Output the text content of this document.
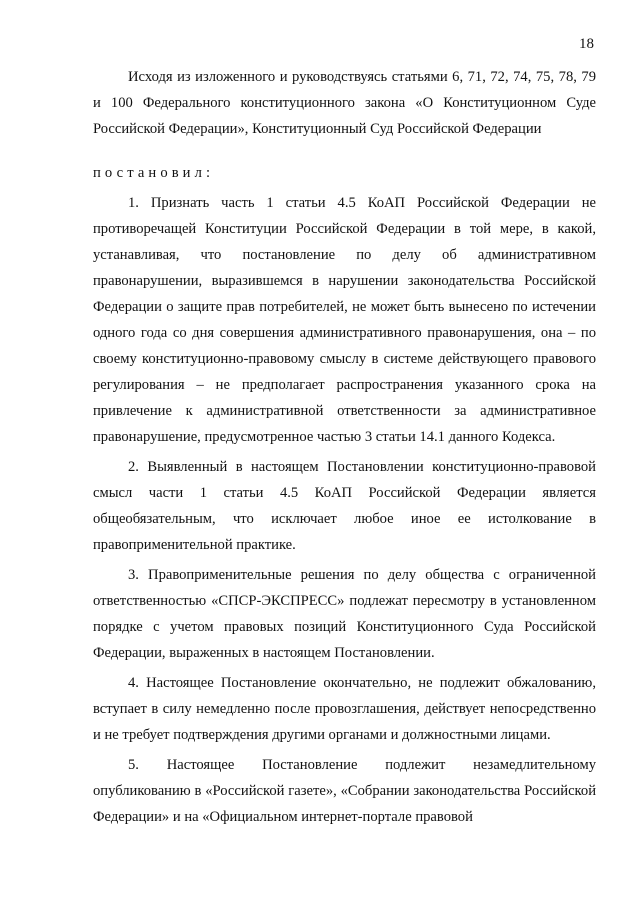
18

Исходя из изложенного и руководствуясь статьями 6, 71, 72, 74, 75, 78, 79 и 100 Федерального конституционного закона «О Конституционном Суде Российской Федерации», Конституционный Суд Российской Федерации

постановил:

1. Признать часть 1 статьи 4.5 КоАП Российской Федерации не противоречащей Конституции Российской Федерации в той мере, в какой, устанавливая, что постановление по делу об административном правонарушении, выразившемся в нарушении законодательства Российской Федерации о защите прав потребителей, не может быть вынесено по истечении одного года со дня совершения административного правонарушения, она – по своему конституционно-правовому смыслу в системе действующего правового регулирования – не предполагает распространения указанного срока на привлечение к административной ответственности за административное правонарушение, предусмотренное частью 3 статьи 14.1 данного Кодекса.

2. Выявленный в настоящем Постановлении конституционно-правовой смысл части 1 статьи 4.5 КоАП Российской Федерации является общеобязательным, что исключает любое иное ее истолкование в правоприменительной практике.

3. Правоприменительные решения по делу общества с ограниченной ответственностью «СПСР-ЭКСПРЕСС» подлежат пересмотру в установленном порядке с учетом правовых позиций Конституционного Суда Российской Федерации, выраженных в настоящем Постановлении.

4. Настоящее Постановление окончательно, не подлежит обжалованию, вступает в силу немедленно после провозглашения, действует непосредственно и не требует подтверждения другими органами и должностными лицами.

5. Настоящее Постановление подлежит незамедлительному опубликованию в «Российской газете», «Собрании законодательства Российской Федерации» и на «Официальном интернет-портале правовой
